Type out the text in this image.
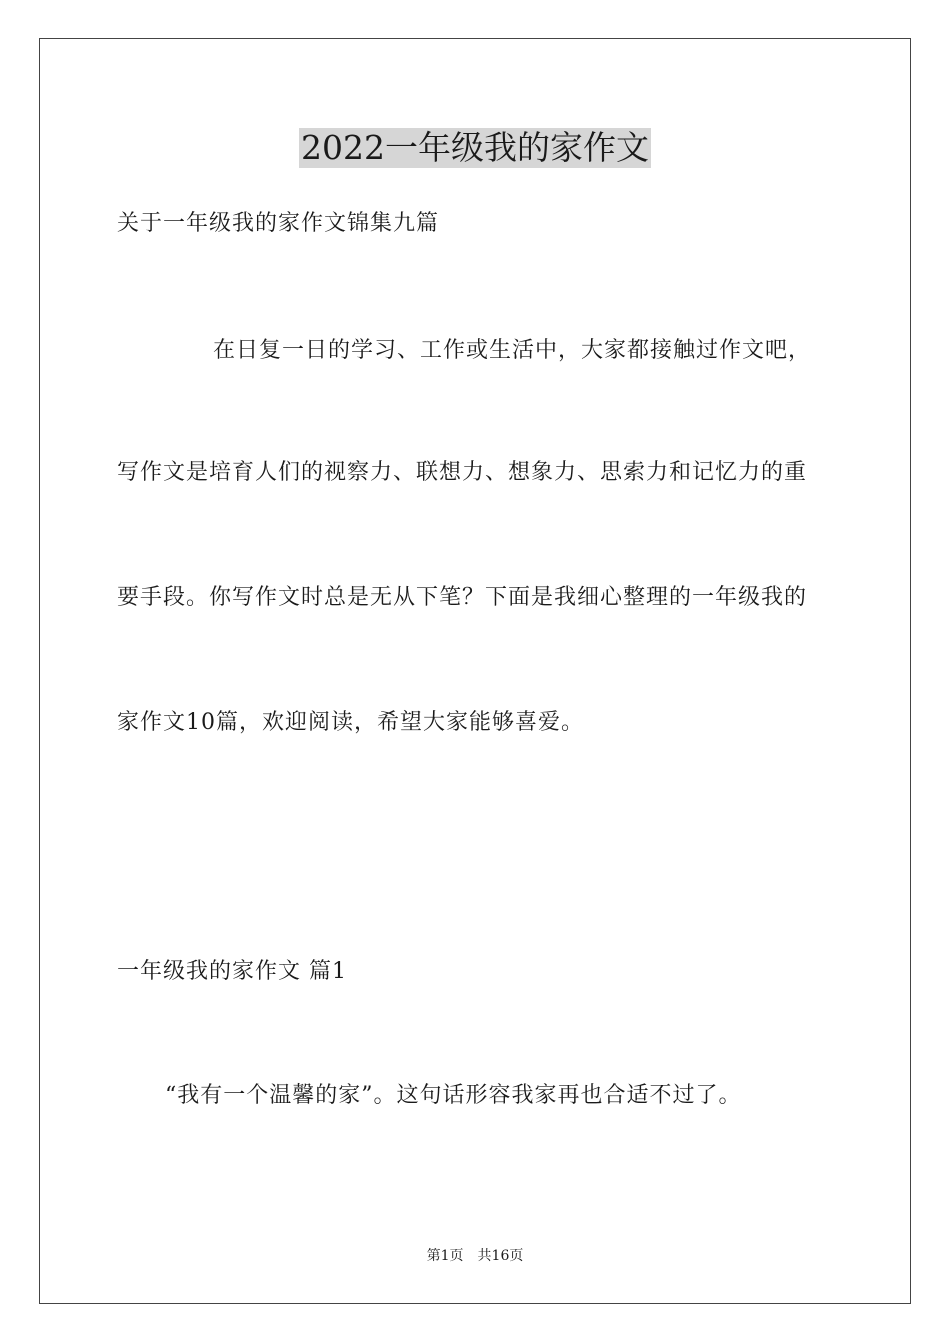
2022一年级我的家作文
关于一年级我的家作文锦集九篇
在日复一日的学习、工作或生活中，大家都接触过作文吧，
写作文是培育人们的视察力、联想力、想象力、思索力和记忆力的重
要手段。你写作文时总是无从下笔？下面是我细心整理的一年级我的
家作文10篇，欢迎阅读，希望大家能够喜爱。
一年级我的家作文 篇1
“我有一个温馨的家”。这句话形容我家再也合适不过了。
第1页 共16页
